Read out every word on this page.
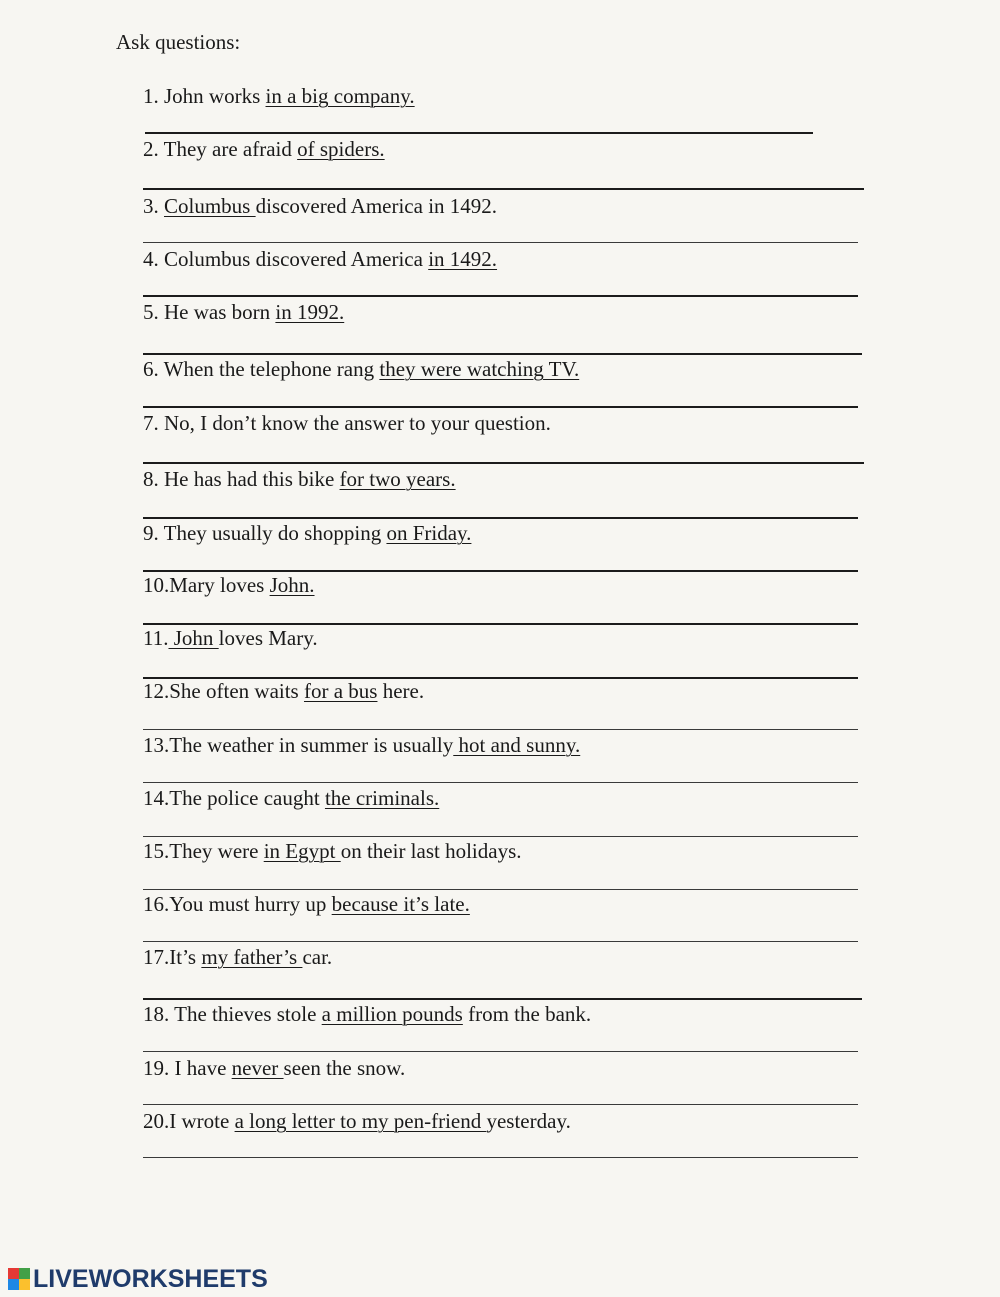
Ask questions:
1. John works in a big company.
2. They are afraid of spiders.
3. Columbus discovered America in 1492.
4. Columbus discovered America in 1492.
5. He was born in 1992.
6. When the telephone rang they were watching TV.
7. No, I don’t know the answer to your question.
8. He has had this bike for two years.
9. They usually do shopping on Friday.
10.Mary loves John.
11. John loves Mary.
12.She often waits for a bus here.
13.The weather in summer is usually hot and sunny.
14.The police caught the criminals.
15.They were in Egypt on their last holidays.
16.You must hurry up because it’s late.
17.It’s my father’s car.
18. The thieves stole a million pounds from the bank.
19. I have never seen the snow.
20.I wrote a long letter to my pen-friend yesterday.
LIVEWORKSHEETS
